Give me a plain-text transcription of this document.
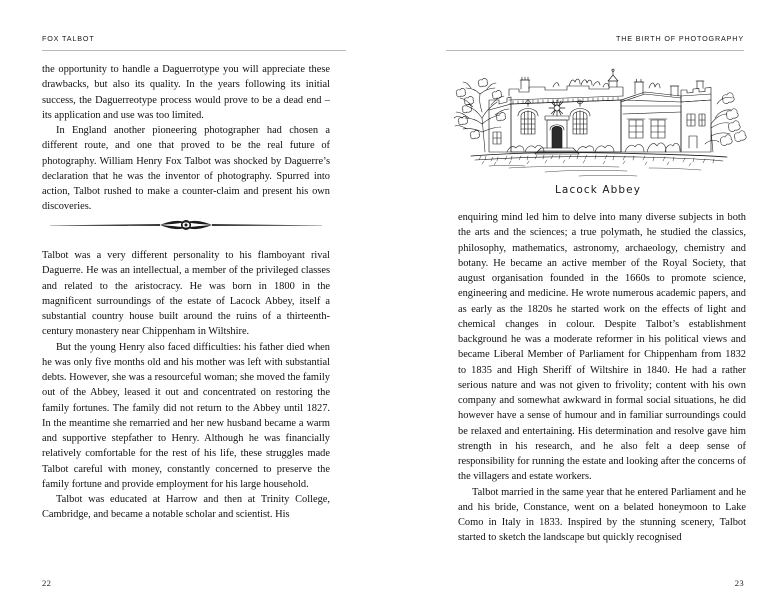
FOX TALBOT

the opportunity to handle a Daguerrotype you will appreciate these drawbacks, but also its quality. In the years following its initial success, the Daguerreotype process would prove to be a dead end – its application and use was too limited.

In England another pioneering photographer had chosen a different route, and one that proved to be the real future of photography. William Henry Fox Talbot was shocked by Daguerre’s declaration that he was the inventor of photography. Spurred into action, Talbot rushed to make a counter-claim and present his own discoveries.

Talbot was a very different personality to his flamboyant rival Daguerre. He was an intellectual, a member of the privileged classes and related to the aristocracy. He was born in 1800 in the magnificent surroundings of the estate of Lacock Abbey, itself a substantial country house built around the ruins of a thirteenth-century monastery near Chippenham in Wiltshire.

But the young Henry also faced difficulties: his father died when he was only five months old and his mother was left with substantial debts. However, she was a resourceful woman; she moved the family out of the Abbey, leased it out and concentrated on restoring the family fortunes. The family did not return to the Abbey until 1827. In the meantime she remarried and her new husband became a warm and supportive stepfather to Henry. Although he was financially relatively comfortable for the rest of his life, these struggles made Talbot careful with money, constantly concerned to preserve the family fortune and provide employment for his large household.

Talbot was educated at Harrow and then at Trinity College, Cambridge, and became a notable scholar and scientist. His

22
THE BIRTH OF PHOTOGRAPHY
Lacock Abbey

enquiring mind led him to delve into many diverse subjects in both the arts and the sciences; a true polymath, he studied the classics, philosophy, mathematics, astronomy, archaeology, chemistry and botany. He became an active member of the Royal Society, that august organisation founded in the 1660s to promote science, engineering and medicine. He wrote numerous academic papers, and as early as the 1820s he started work on the effects of light and chemical changes in colour. Despite Talbot’s establishment background he was a moderate reformer in his political views and became Liberal Member of Parliament for Chippenham from 1832 to 1835 and High Sheriff of Wiltshire in 1840. He had a rather serious nature and was not given to frivolity; content with his own company and somewhat awkward in formal social situations, he did however have a sense of humour and in familiar surroundings could be relaxed and entertaining. His determination and resolve gave him strength in his research, and he also felt a deep sense of responsibility for running the estate and looking after the concerns of the villagers and estate workers.

Talbot married in the same year that he entered Parliament and he and his bride, Constance, went on a belated honeymoon to Lake Como in Italy in 1833. Inspired by the stunning scenery, Talbot started to sketch the landscape but quickly recognised

23
